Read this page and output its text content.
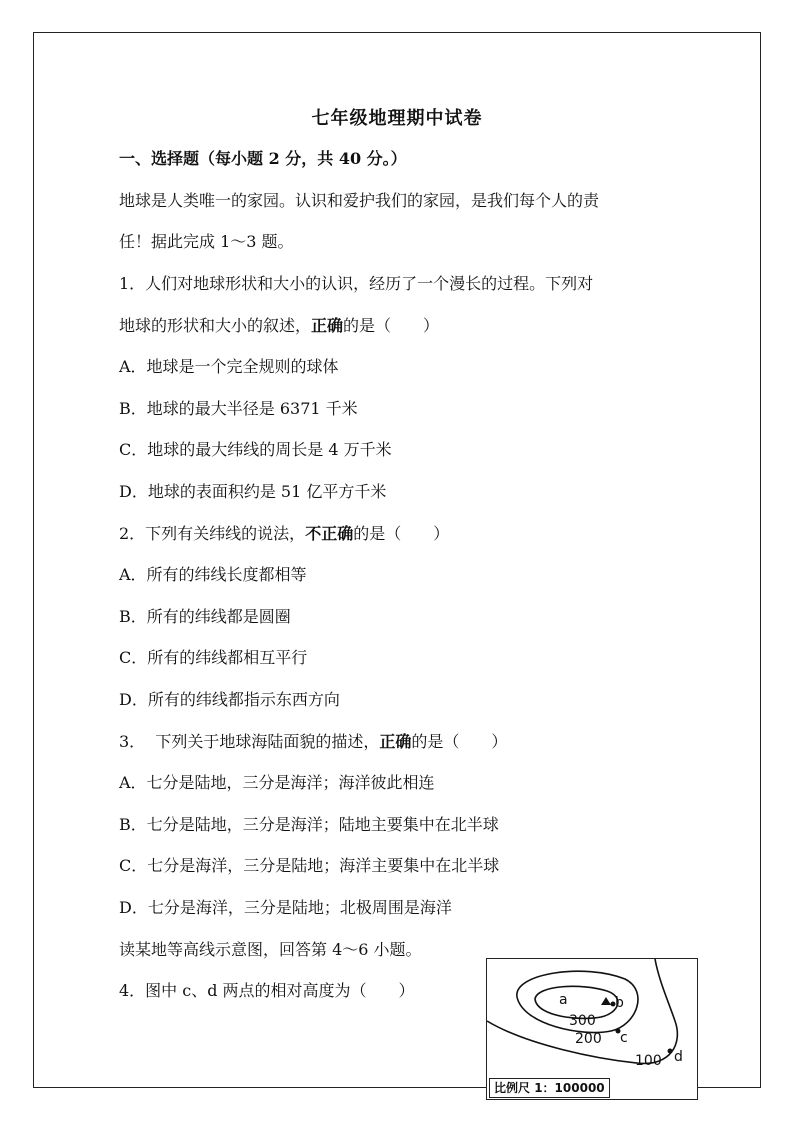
七年级地理期中试卷
一、选择题（每小题 2 分，共 40 分。）
地球是人类唯一的家园。认识和爱护我们的家园，是我们每个人的责
任！据此完成 1～3 题。
1．人们对地球形状和大小的认识，经历了一个漫长的过程。下列对
地球的形状和大小的叙述，正确的是（　　）
A．地球是一个完全规则的球体
B．地球的最大半径是 6371 千米
C．地球的最大纬线的周长是 4 万千米
D．地球的表面积约是 51 亿平方千米
2．下列有关纬线的说法，不正确的是（　　）
A．所有的纬线长度都相等
B．所有的纬线都是圆圈
C．所有的纬线都相互平行
D．所有的纬线都指示东西方向
3．  下列关于地球海陆面貌的描述，正确的是（　　）
A．七分是陆地，三分是海洋；海洋彼此相连
B．七分是陆地，三分是海洋；陆地主要集中在北半球
C．七分是海洋，三分是陆地；海洋主要集中在北半球
D．七分是海洋，三分是陆地；北极周围是海洋
读某地等高线示意图，回答第 4～6 小题。
4．图中 c、d 两点的相对高度为（　　）	a	b
c
d
300
200
100
比例尺 1：100000
